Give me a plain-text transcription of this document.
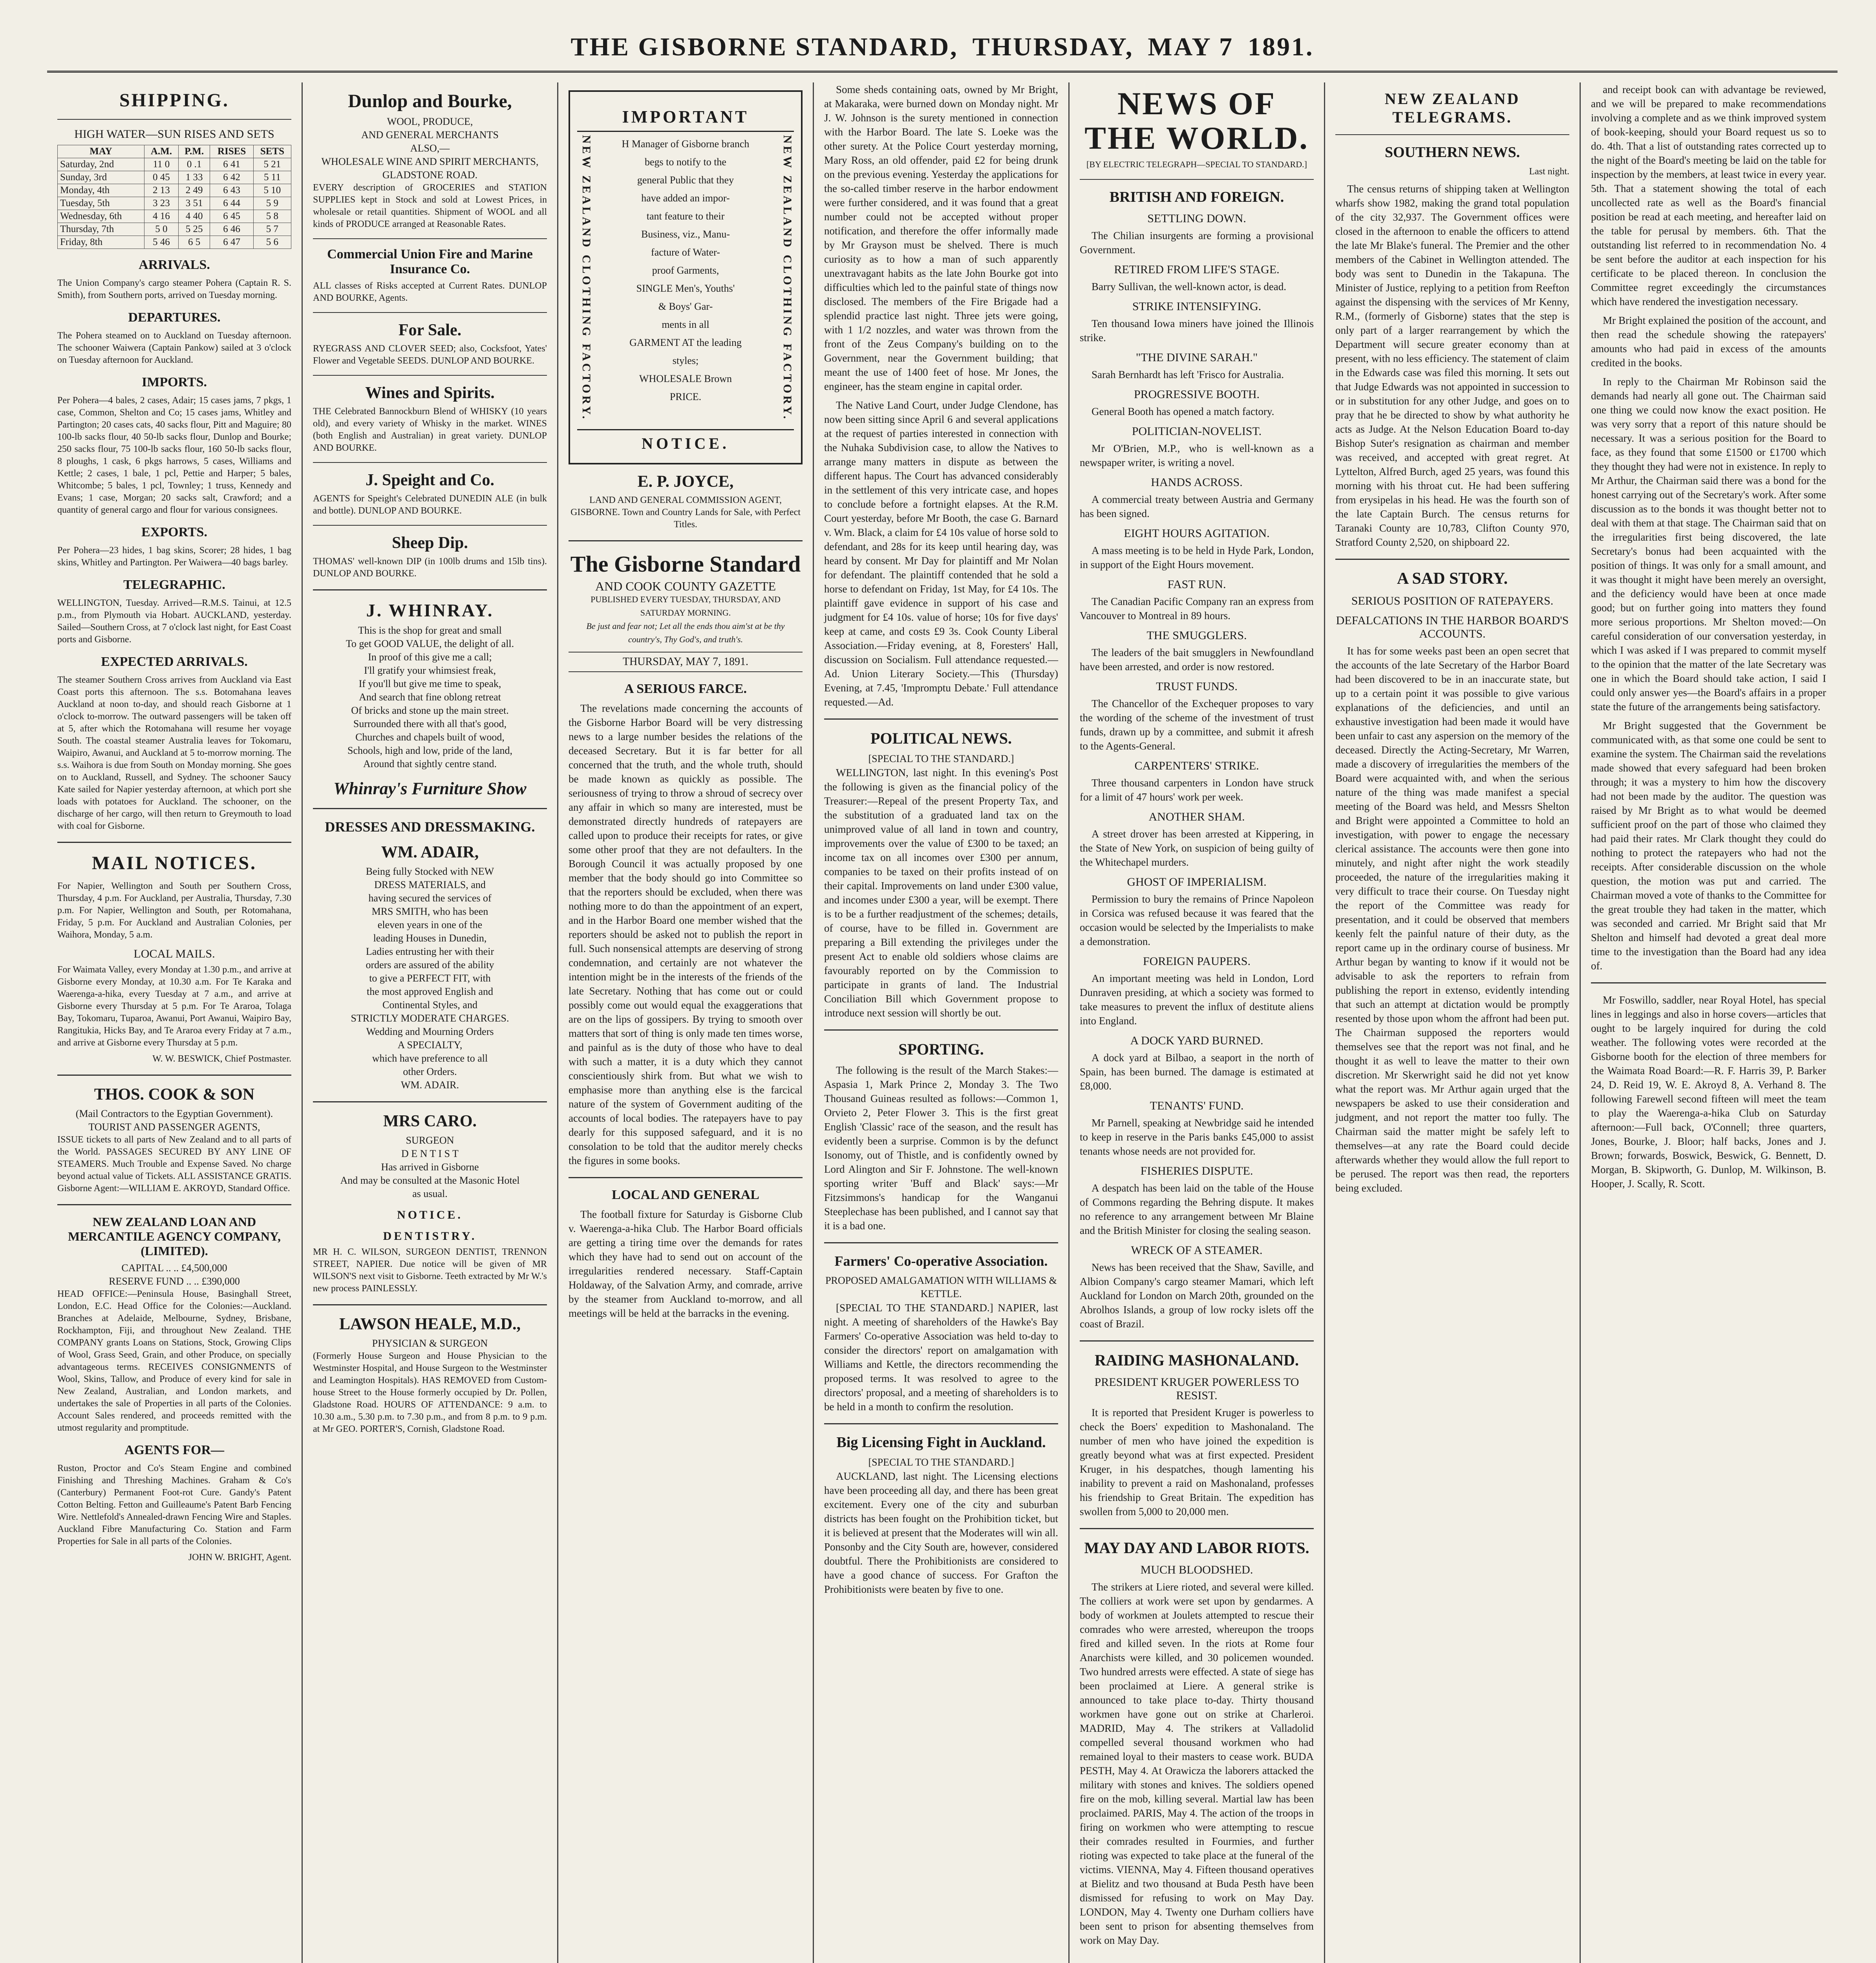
THE GISBORNE STANDARD, THURSDAY, MAY 7 1891.
SHIPPING.
HIGH WATER—SUN RISES AND SETS
MAY	A.M.	P.M.	RISES	SETS
Saturday, 2nd	11 0	0 .1	6 41	5 21
Sunday, 3rd	0 45	1 33	6 42	5 11
Monday, 4th	2 13	2 49	6 43	5 10
Tuesday, 5th	3 23	3 51	6 44	5 9
Wednesday, 6th	4 16	4 40	6 45	5 8
Thursday, 7th	5 0	5 25	6 46	5 7
Friday, 8th	5 46	6 5	6 47	5 6
ARRIVALS.

The Union Company's cargo steamer Pohera (Captain R. S. Smith), from Southern ports, arrived on Tuesday morning.

DEPARTURES.

The Pohera steamed on to Auckland on Tuesday afternoon. The schooner Waiwera (Captain Pankow) sailed at 3 o'clock on Tuesday afternoon for Auckland.

IMPORTS.

Per Pohera—4 bales, 2 cases, Adair; 15 cases jams, 7 pkgs, 1 case, Common, Shelton and Co; 15 cases jams, Whitley and Partington; 20 cases cats, 40 sacks flour, Pitt and Maguire; 80 100-lb sacks flour, 40 50-lb sacks flour, Dunlop and Bourke; 250 sacks flour, 75 100-lb sacks flour, 160 50-lb sacks flour, 8 ploughs, 1 cask, 6 pkgs harrows, 5 cases, Williams and Kettle; 2 cases, 1 bale, 1 pcl, Pettie and Harper; 5 bales, Whitcombe; 5 bales, 1 pcl, Townley; 1 truss, Kennedy and Evans; 1 case, Morgan; 20 sacks salt, Crawford; and a quantity of general cargo and flour for various consignees.

EXPORTS.

Per Pohera—23 hides, 1 bag skins, Scorer; 28 hides, 1 bag skins, Whitley and Partington. Per Waiwera—40 bags barley.

TELEGRAPHIC.

WELLINGTON, Tuesday. Arrived—R.M.S. Tainui, at 12.5 p.m., from Plymouth via Hobart. AUCKLAND, yesterday. Sailed—Southern Cross, at 7 o'clock last night, for East Coast ports and Gisborne.

EXPECTED ARRIVALS.

The steamer Southern Cross arrives from Auckland via East Coast ports this afternoon. The s.s. Botomahana leaves Auckland at noon to-day, and should reach Gisborne at 1 o'clock to-morrow. The outward passengers will be taken off at 5, after which the Rotomahana will resume her voyage South. The coastal steamer Australia leaves for Tokomaru, Waipiro, Awanui, and Auckland at 5 to-morrow morning. The s.s. Waihora is due from South on Monday morning. She goes on to Auckland, Russell, and Sydney. The schooner Saucy Kate sailed for Napier yesterday afternoon, at which port she loads with potatoes for Auckland. The schooner, on the discharge of her cargo, will then return to Greymouth to load with coal for Gisborne.

MAIL NOTICES.

For Napier, Wellington and South per Southern Cross, Thursday, 4 p.m. For Auckland, per Australia, Thursday, 7.30 p.m. For Napier, Wellington and South, per Rotomahana, Friday, 5 p.m. For Auckland and Australian Colonies, per Waihora, Monday, 5 a.m.

LOCAL MAILS.

For Waimata Valley, every Monday at 1.30 p.m., and arrive at Gisborne every Monday, at 10.30 a.m. For Te Karaka and Waerenga-a-hika, every Tuesday at 7 a.m., and arrive at Gisborne every Thursday at 5 p.m. For Te Araroa, Tolaga Bay, Tokomaru, Tuparoa, Awanui, Port Awanui, Waipiro Bay, Rangitukia, Hicks Bay, and Te Araroa every Friday at 7 a.m., and arrive at Gisborne every Thursday at 5 p.m.

W. W. BESWICK, Chief Postmaster.

THOS. COOK & SON

(Mail Contractors to the Egyptian Government).

TOURIST AND PASSENGER AGENTS,

ISSUE tickets to all parts of New Zealand and to all parts of the World. PASSAGES SECURED BY ANY LINE OF STEAMERS. Much Trouble and Expense Saved. No charge beyond actual value of Tickets. ALL ASSISTANCE GRATIS. Gisborne Agent:—WILLIAM E. AKROYD, Standard Office.

NEW ZEALAND LOAN AND MERCANTILE AGENCY COMPANY, (LIMITED).

CAPITAL .. .. £4,500,000

RESERVE FUND .. .. £390,000

HEAD OFFICE:—Peninsula House, Basinghall Street, London, E.C. Head Office for the Colonies:—Auckland. Branches at Adelaide, Melbourne, Sydney, Brisbane, Rockhampton, Fiji, and throughout New Zealand. THE COMPANY grants Loans on Stations, Stock, Growing Clips of Wool, Grass Seed, Grain, and other Produce, on specially advantageous terms. RECEIVES CONSIGNMENTS of Wool, Skins, Tallow, and Produce of every kind for sale in New Zealand, Australian, and London markets, and undertakes the sale of Properties in all parts of the Colonies. Account Sales rendered, and proceeds remitted with the utmost regularity and promptitude.

AGENTS FOR—

Ruston, Proctor and Co's Steam Engine and combined Finishing and Threshing Machines. Graham & Co's (Canterbury) Permanent Foot-rot Cure. Gandy's Patent Cotton Belting. Fetton and Guilleaume's Patent Barb Fencing Wire. Nettlefold's Annealed-drawn Fencing Wire and Staples. Auckland Fibre Manufacturing Co. Station and Farm Properties for Sale in all parts of the Colonies.

JOHN W. BRIGHT, Agent.

Dunlop and Bourke,

WOOL, PRODUCE,

AND GENERAL MERCHANTS

ALSO,—

WHOLESALE WINE AND SPIRIT MERCHANTS,

GLADSTONE ROAD.

EVERY description of GROCERIES and STATION SUPPLIES kept in Stock and sold at Lowest Prices, in wholesale or retail quantities. Shipment of WOOL and all kinds of PRODUCE arranged at Reasonable Rates.

Commercial Union Fire and Marine Insurance Co.

ALL classes of Risks accepted at Current Rates. DUNLOP AND BOURKE, Agents.

For Sale.

RYEGRASS AND CLOVER SEED; also, Cocksfoot, Yates' Flower and Vegetable SEEDS. DUNLOP AND BOURKE.

Wines and Spirits.

THE Celebrated Bannockburn Blend of WHISKY (10 years old), and every variety of Whisky in the market. WINES (both English and Australian) in great variety. DUNLOP AND BOURKE.

J. Speight and Co.

AGENTS for Speight's Celebrated DUNEDIN ALE (in bulk and bottle). DUNLOP AND BOURKE.

Sheep Dip.

THOMAS' well-known DIP (in 100lb drums and 15lb tins). DUNLOP AND BOURKE.

J. WHINRAY.

This is the shop for great and small

To get GOOD VALUE, the delight of all.

In proof of this give me a call;

I'll gratify your whimsiest freak,

If you'll but give me time to speak,

And search that fine oblong retreat

Of bricks and stone up the main street.

Surrounded there with all that's good,

Churches and chapels built of wood,

Schools, high and low, pride of the land,

Around that sightly centre stand.

Whinray's Furniture Show
DRESSES AND DRESSMAKING.
WM. ADAIR,

Being fully Stocked with NEW

DRESS MATERIALS, and

having secured the services of

MRS SMITH, who has been

eleven years in one of the

leading Houses in Dunedin,

Ladies entrusting her with their

orders are assured of the ability

to give a PERFECT FIT, with

the most approved English and

Continental Styles, and

STRICTLY MODERATE CHARGES.

Wedding and Mourning Orders

A SPECIALTY,

which have preference to all

other Orders.

WM. ADAIR.

MRS CARO.

SURGEON

D E N T I S T

Has arrived in Gisborne

And may be consulted at the Masonic Hotel

as usual.

NOTICE.
DENTISTRY.

MR H. C. WILSON, SURGEON DENTIST, TRENNON STREET, NAPIER. Due notice will be given of MR WILSON'S next visit to Gisborne. Teeth extracted by Mr W.'s new process PAINLESSLY.

LAWSON HEALE, M.D.,

PHYSICIAN & SURGEON

(Formerly House Surgeon and House Physician to the Westminster Hospital, and House Surgeon to the Westminster and Leamington Hospitals). HAS REMOVED from Custom-house Street to the House formerly occupied by Dr. Pollen, Gladstone Road. HOURS OF ATTENDANCE: 9 a.m. to 10.30 a.m., 5.30 p.m. to 7.30 p.m., and from 8 p.m. to 9 p.m. at Mr GEO. PORTER'S, Cornish, Gladstone Road.

IMPORTANT
NEW ZEALAND CLOTHING FACTORY.	H Manager of Gisborne branch

begs to notify to the

general Public that they

have added an impor-

tant feature to their

Business, viz., Manu-

facture of Water-

proof Garments,

SINGLE Men's, Youths'

& Boys' Gar-

ments in all

GARMENT AT the leading

styles;

WHOLESALE Brown

PRICE.	NEW ZEALAND CLOTHING FACTORY.
NOTICE.
E. P. JOYCE,

LAND AND GENERAL COMMISSION AGENT, GISBORNE. Town and Country Lands for Sale, with Perfect Titles.

The Gisborne Standard

AND COOK COUNTY GAZETTE

PUBLISHED EVERY TUESDAY, THURSDAY, AND SATURDAY MORNING.

Be just and fear not; Let all the ends thou aim'st at be thy country's, Thy God's, and truth's.

THURSDAY, MAY 7, 1891.
A SERIOUS FARCE.

The revelations made concerning the accounts of the Gisborne Harbor Board will be very distressing news to a large number besides the relations of the deceased Secretary. But it is far better for all concerned that the truth, and the whole truth, should be made known as quickly as possible. The seriousness of trying to throw a shroud of secrecy over any affair in which so many are interested, must be demonstrated directly hundreds of ratepayers are called upon to produce their receipts for rates, or give some other proof that they are not defaulters. In the Borough Council it was actually proposed by one member that the body should go into Committee so that the reporters should be excluded, when there was nothing more to do than the appointment of an expert, and in the Harbor Board one member wished that the reporters should be asked not to publish the report in full. Such nonsensical attempts are deserving of strong condemnation, and certainly are not whatever the intention might be in the interests of the friends of the late Secretary. Nothing that has come out or could possibly come out would equal the exaggerations that are on the lips of gossipers. By trying to smooth over matters that sort of thing is only made ten times worse, and painful as is the duty of those who have to deal with such a matter, it is a duty which they cannot conscientiously shirk from. But what we wish to emphasise more than anything else is the farcical nature of the system of Government auditing of the accounts of local bodies. The ratepayers have to pay dearly for this supposed safeguard, and it is no consolation to be told that the auditor merely checks the figures in some books.

LOCAL AND GENERAL

The football fixture for Saturday is Gisborne Club v. Waerenga-a-hika Club. The Harbor Board officials are getting a tiring time over the demands for rates which they have had to send out on account of the irregularities rendered necessary. Staff-Captain Holdaway, of the Salvation Army, and comrade, arrive by the steamer from Auckland to-morrow, and all meetings will be held at the barracks in the evening.

Some sheds containing oats, owned by Mr Bright, at Makaraka, were burned down on Monday night. Mr J. W. Johnson is the surety mentioned in connection with the Harbor Board. The late S. Loeke was the other surety. At the Police Court yesterday morning, Mary Ross, an old offender, paid £2 for being drunk on the previous evening. Yesterday the applications for the so-called timber reserve in the harbor endowment were further considered, and it was found that a great number could not be accepted without proper notification, and therefore the offer informally made by Mr Grayson must be shelved. There is much curiosity as to how a man of such apparently unextravagant habits as the late John Bourke got into difficulties which led to the painful state of things now disclosed. The members of the Fire Brigade had a splendid practice last night. Three jets were going, with 1 1/2 nozzles, and water was thrown from the front of the Zeus Company's building on to the Government, near the Government building; that meant the use of 1400 feet of hose. Mr Jones, the engineer, has the steam engine in capital order.

The Native Land Court, under Judge Clendone, has now been sitting since April 6 and several applications at the request of parties interested in connection with the Nuhaka Subdivision case, to allow the Natives to arrange many matters in dispute as between the different hapus. The Court has advanced considerably in the settlement of this very intricate case, and hopes to conclude before a fortnight elapses. At the R.M. Court yesterday, before Mr Booth, the case G. Barnard v. Wm. Black, a claim for £4 10s value of horse sold to defendant, and 28s for its keep until hearing day, was heard by consent. Mr Day for plaintiff and Mr Nolan for defendant. The plaintiff contended that he sold a horse to defendant on Friday, 1st May, for £4 10s. The plaintiff gave evidence in support of his case and judgment for £4 10s. value of horse; 10s for five days' keep at came, and costs £9 3s. Cook County Liberal Association.—Friday evening, at 8, Foresters' Hall, discussion on Socialism. Full attendance requested.—Ad. Union Literary Society.—This (Thursday) Evening, at 7.45, 'Impromptu Debate.' Full attendance requested.—Ad.

POLITICAL NEWS.

[SPECIAL TO THE STANDARD.]

WELLINGTON, last night. In this evening's Post the following is given as the financial policy of the Treasurer:—Repeal of the present Property Tax, and the substitution of a graduated land tax on the unimproved value of all land in town and country, improvements over the value of £300 to be taxed; an income tax on all incomes over £300 per annum, companies to be taxed on their profits instead of on their capital. Improvements on land under £300 value, and incomes under £300 a year, will be exempt. There is to be a further readjustment of the schemes; details, of course, have to be filled in. Government are preparing a Bill extending the privileges under the present Act to enable old soldiers whose claims are favourably reported on by the Commission to participate in grants of land. The Industrial Conciliation Bill which Government propose to introduce next session will shortly be out.

SPORTING.

The following is the result of the March Stakes:—Aspasia 1, Mark Prince 2, Monday 3. The Two Thousand Guineas resulted as follows:—Common 1, Orvieto 2, Peter Flower 3. This is the first great English 'Classic' race of the season, and the result has evidently been a surprise. Common is by the defunct Isonomy, out of Thistle, and is confidently owned by Lord Alington and Sir F. Johnstone. The well-known sporting writer 'Buff and Black' says:—Mr Fitzsimmons's handicap for the Wanganui Steeplechase has been published, and I cannot say that it is a bad one.

Farmers' Co-operative Association.

PROPOSED AMALGAMATION WITH WILLIAMS & KETTLE.

[SPECIAL TO THE STANDARD.] NAPIER, last night. A meeting of shareholders of the Hawke's Bay Farmers' Co-operative Association was held to-day to consider the directors' report on amalgamation with Williams and Kettle, the directors recommending the proposed terms. It was resolved to agree to the directors' proposal, and a meeting of shareholders is to be held in a month to confirm the resolution.

Big Licensing Fight in Auckland.

[SPECIAL TO THE STANDARD.]

AUCKLAND, last night. The Licensing elections have been proceeding all day, and there has been great excitement. Every one of the city and suburban districts has been fought on the Prohibition ticket, but it is believed at present that the Moderates will win all. Ponsonby and the City South are, however, considered doubtful. There the Prohibitionists are considered to have a good chance of success. For Grafton the Prohibitionists were beaten by five to one.

NEWS OF THE WORLD.

[BY ELECTRIC TELEGRAPH—SPECIAL TO STANDARD.]

BRITISH AND FOREIGN.
SETTLING DOWN.

The Chilian insurgents are forming a provisional Government.

RETIRED FROM LIFE'S STAGE.

Barry Sullivan, the well-known actor, is dead.

STRIKE INTENSIFYING.

Ten thousand Iowa miners have joined the Illinois strike.

"THE DIVINE SARAH."

Sarah Bernhardt has left 'Frisco for Australia.

PROGRESSIVE BOOTH.

General Booth has opened a match factory.

POLITICIAN-NOVELIST.

Mr O'Brien, M.P., who is well-known as a newspaper writer, is writing a novel.

HANDS ACROSS.

A commercial treaty between Austria and Germany has been signed.

EIGHT HOURS AGITATION.

A mass meeting is to be held in Hyde Park, London, in support of the Eight Hours movement.

FAST RUN.

The Canadian Pacific Company ran an express from Vancouver to Montreal in 89 hours.

THE SMUGGLERS.

The leaders of the bait smugglers in Newfoundland have been arrested, and order is now restored.

TRUST FUNDS.

The Chancellor of the Exchequer proposes to vary the wording of the scheme of the investment of trust funds, drawn up by a committee, and submit it afresh to the Agents-General.

CARPENTERS' STRIKE.

Three thousand carpenters in London have struck for a limit of 47 hours' work per week.

ANOTHER SHAM.

A street drover has been arrested at Kippering, in the State of New York, on suspicion of being guilty of the Whitechapel murders.

GHOST OF IMPERIALISM.

Permission to bury the remains of Prince Napoleon in Corsica was refused because it was feared that the occasion would be selected by the Imperialists to make a demonstration.

FOREIGN PAUPERS.

An important meeting was held in London, Lord Dunraven presiding, at which a society was formed to take measures to prevent the influx of destitute aliens into England.

A DOCK YARD BURNED.

A dock yard at Bilbao, a seaport in the north of Spain, has been burned. The damage is estimated at £8,000.

TENANTS' FUND.

Mr Parnell, speaking at Newbridge said he intended to keep in reserve in the Paris banks £45,000 to assist tenants whose needs are not provided for.

FISHERIES DISPUTE.

A despatch has been laid on the table of the House of Commons regarding the Behring dispute. It makes no reference to any arrangement between Mr Blaine and the British Minister for closing the sealing season.

WRECK OF A STEAMER.

News has been received that the Shaw, Saville, and Albion Company's cargo steamer Mamari, which left Auckland for London on March 20th, grounded on the Abrolhos Islands, a group of low rocky islets off the coast of Brazil.

RAIDING MASHONALAND.
PRESIDENT KRUGER POWERLESS TO RESIST.

It is reported that President Kruger is powerless to check the Boers' expedition to Mashonaland. The number of men who have joined the expedition is greatly beyond what was at first expected. President Kruger, in his despatches, though lamenting his inability to prevent a raid on Mashonaland, professes his friendship to Great Britain. The expedition has swollen from 5,000 to 20,000 men.

MAY DAY AND LABOR RIOTS.
MUCH BLOODSHED.

The strikers at Liere rioted, and several were killed. The colliers at work were set upon by gendarmes. A body of workmen at Joulets attempted to rescue their comrades who were arrested, whereupon the troops fired and killed seven. In the riots at Rome four Anarchists were killed, and 30 policemen wounded. Two hundred arrests were effected. A state of siege has been proclaimed at Liere. A general strike is announced to take place to-day. Thirty thousand workmen have gone out on strike at Charleroi. MADRID, May 4. The strikers at Valladolid compelled several thousand workmen who had remained loyal to their masters to cease work. BUDA PESTH, May 4. At Orawicza the laborers attacked the military with stones and knives. The soldiers opened fire on the mob, killing several. Martial law has been proclaimed. PARIS, May 4. The action of the troops in firing on workmen who were attempting to rescue their comrades resulted in Fourmies, and further rioting was expected to take place at the funeral of the victims. VIENNA, May 4. Fifteen thousand operatives at Bielitz and two thousand at Buda Pesth have been dismissed for refusing to work on May Day. LONDON, May 4. Twenty one Durham colliers have been sent to prison for absenting themselves from work on May Day.

NEW ZEALAND TELEGRAMS.
SOUTHERN NEWS.

Last night.

The census returns of shipping taken at Wellington wharfs show 1982, making the grand total population of the city 32,937. The Government offices were closed in the afternoon to enable the officers to attend the late Mr Blake's funeral. The Premier and the other members of the Cabinet in Wellington attended. The body was sent to Dunedin in the Takapuna. The Minister of Justice, replying to a petition from Reefton against the dispensing with the services of Mr Kenny, R.M., (formerly of Gisborne) states that the step is only part of a larger rearrangement by which the Department will secure greater economy than at present, with no less efficiency. The statement of claim in the Edwards case was filed this morning. It sets out that Judge Edwards was not appointed in succession to or in substitution for any other Judge, and goes on to pray that he be directed to show by what authority he acts as Judge. At the Nelson Education Board to-day Bishop Suter's resignation as chairman and member was received, and accepted with great regret. At Lyttelton, Alfred Burch, aged 25 years, was found this morning with his throat cut. He had been suffering from erysipelas in his head. He was the fourth son of the late Captain Burch. The census returns for Taranaki County are 10,783, Clifton County 970, Stratford County 2,520, on shipboard 22.

A SAD STORY.
SERIOUS POSITION OF RATEPAYERS.
DEFALCATIONS IN THE HARBOR BOARD'S ACCOUNTS.

It has for some weeks past been an open secret that the accounts of the late Secretary of the Harbor Board had been discovered to be in an inaccurate state, but up to a certain point it was possible to give various explanations of the deficiencies, and until an exhaustive investigation had been made it would have been unfair to cast any aspersion on the memory of the deceased. Directly the Acting-Secretary, Mr Warren, made a discovery of irregularities the members of the Board were acquainted with, and when the serious nature of the thing was made manifest a special meeting of the Board was held, and Messrs Shelton and Bright were appointed a Committee to hold an investigation, with power to engage the necessary clerical assistance. The accounts were then gone into minutely, and night after night the work steadily proceeded, the nature of the irregularities making it very difficult to trace their course. On Tuesday night the report of the Committee was ready for presentation, and it could be observed that members keenly felt the painful nature of their duty, as the report came up in the ordinary course of business. Mr Arthur began by wanting to know if it would not be advisable to ask the reporters to refrain from publishing the report in extenso, evidently intending that such an attempt at dictation would be promptly resented by those upon whom the affront had been put. The Chairman supposed the reporters would themselves see that the report was not final, and he thought it as well to leave the matter to their own discretion. Mr Skerwright said he did not yet know what the report was. Mr Arthur again urged that the newspapers be asked to use their consideration and judgment, and not report the matter too fully. The Chairman said the matter might be safely left to themselves—at any rate the Board could decide afterwards whether they would allow the full report to be perused. The report was then read, the reporters being excluded.

and receipt book can with advantage be reviewed, and we will be prepared to make recommendations involving a complete and as we think improved system of book-keeping, should your Board request us so to do. 4th. That a list of outstanding rates corrected up to the night of the Board's meeting be laid on the table for inspection by the members, at least twice in every year. 5th. That a statement showing the total of each uncollected rate as well as the Board's financial position be read at each meeting, and hereafter laid on the table for perusal by members. 6th. That the outstanding list referred to in recommendation No. 4 be sent before the auditor at each inspection for his certificate to be placed thereon. In conclusion the Committee regret exceedingly the circumstances which have rendered the investigation necessary.

Mr Bright explained the position of the account, and then read the schedule showing the ratepayers' amounts who had paid in excess of the amounts credited in the books.

In reply to the Chairman Mr Robinson said the demands had nearly all gone out. The Chairman said one thing we could now know the exact position. He was very sorry that a report of this nature should be necessary. It was a serious position for the Board to face, as they found that some £1500 or £1700 which they thought they had were not in existence. In reply to Mr Arthur, the Chairman said there was a bond for the honest carrying out of the Secretary's work. After some discussion as to the bonds it was thought better not to deal with them at that stage. The Chairman said that on the irregularities first being discovered, the late Secretary's bonus had been acquainted with the position of things. It was only for a small amount, and it was thought it might have been merely an oversight, and the deficiency would have been at once made good; but on further going into matters they found more serious proportions. Mr Shelton moved:—On careful consideration of our conversation yesterday, in which I was asked if I was prepared to commit myself to the opinion that the matter of the late Secretary was one in which the Board should take action, I said I could only answer yes—the Board's affairs in a proper state the future of the arrangements being satisfactory.

Mr Bright suggested that the Government be communicated with, as that some one could be sent to examine the system. The Chairman said the revelations made showed that every safeguard had been broken through; it was a mystery to him how the discovery had not been made by the auditor. The question was raised by Mr Bright as to what would be deemed sufficient proof on the part of those who claimed they had paid their rates. Mr Clark thought they could do nothing to protect the ratepayers who had not the receipts. After considerable discussion on the whole question, the motion was put and carried. The Chairman moved a vote of thanks to the Committee for the great trouble they had taken in the matter, which was seconded and carried. Mr Bright said that Mr Shelton and himself had devoted a great deal more time to the investigation than the Board had any idea of.

Mr Foswillo, saddler, near Royal Hotel, has special lines in leggings and also in horse covers—articles that ought to be largely inquired for during the cold weather. The following votes were recorded at the Gisborne booth for the election of three members for the Waimata Road Board:—R. F. Harris 39, P. Barker 24, D. Reid 19, W. E. Akroyd 8, A. Verhand 8. The following Farewell second fifteen will meet the team to play the Waerenga-a-hika Club on Saturday afternoon:—Full back, O'Connell; three quarters, Jones, Bourke, J. Bloor; half backs, Jones and J. Brown; forwards, Boswick, Beswick, G. Bennett, D. Morgan, B. Skipworth, G. Dunlop, M. Wilkinson, B. Hooper, J. Scally, R. Scott.
